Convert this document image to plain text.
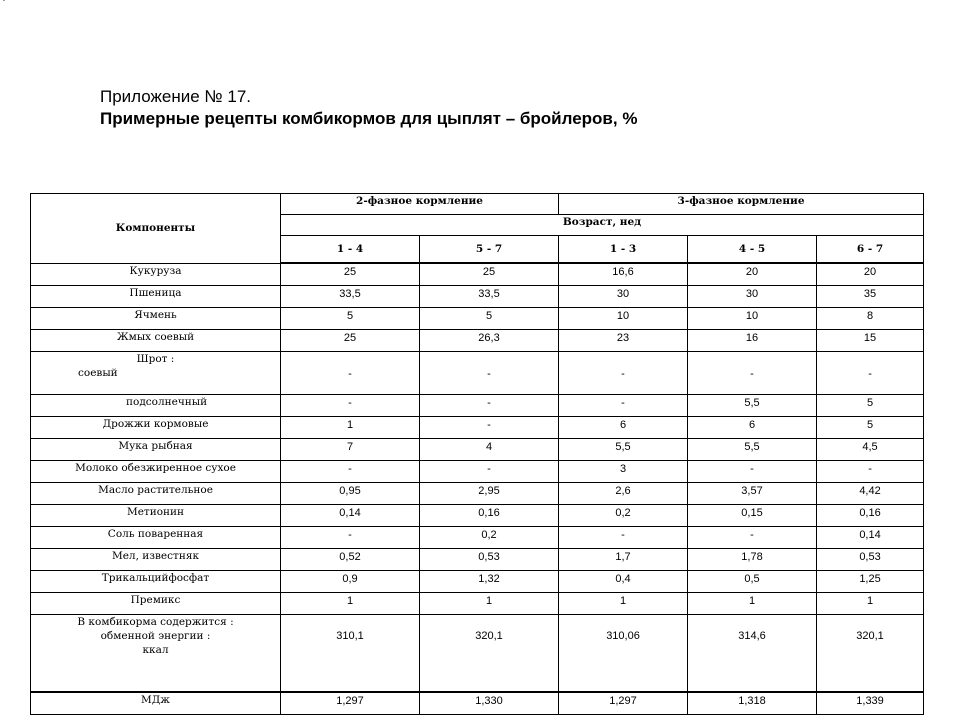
`
Приложение № 17.
Примерные рецепты комбикормов для цыплят – бройлеров, %
Компоненты	2-фазное кормление		3-фазное кормление		
	Возраст, нед				
	1 - 4	5 - 7	1 - 3	4 - 5	6 - 7
Кукуруза	25	25	16,6	20	20
Пшеница	33,5	33,5	30	30	35
Ячмень	5	5	10	10	8
Жмых соевый	25	26,3	23	16	15
Шрот :
соевый	-	-	-	-	-

подсолнечный	-	-	-	5,5	5
Дрожжи кормовые	1	-	6	6	5
Мука рыбная	7	4	5,5	5,5	4,5
Молоко обезжиренное сухое	-	-	3	-	-
Масло растительное	0,95	2,95	2,6	3,57	4,42
Метионин	0,14	0,16	0,2	0,15	0,16
Соль поваренная	-	0,2	-	-	0,14
Мел, известняк	0,52	0,53	1,7	1,78	0,53
Трикальцийфосфат	0,9	1,32	0,4	0,5	1,25
Премикс	1	1	1	1	1

В комбикорма содержится :
обменной энергии :
ккал	310,1	320,1	310,06	314,6	320,1
МДж	1,297	1,330	1,297	1,318	1,339
